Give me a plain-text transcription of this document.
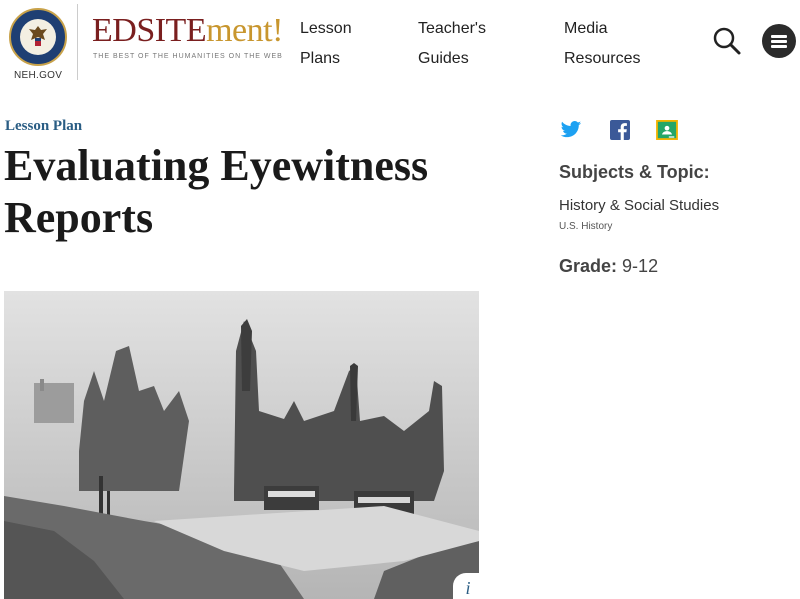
NEH.GOV
EDSITEment!
THE BEST OF THE HUMANITIES ON THE WEB
Lesson
Plans
Teacher's
Guides
Media
Resources
Lesson Plan
Evaluating Eyewitness Reports
i
Subjects & Topic:
History & Social Studies
U.S. History
Grade: 9-12
